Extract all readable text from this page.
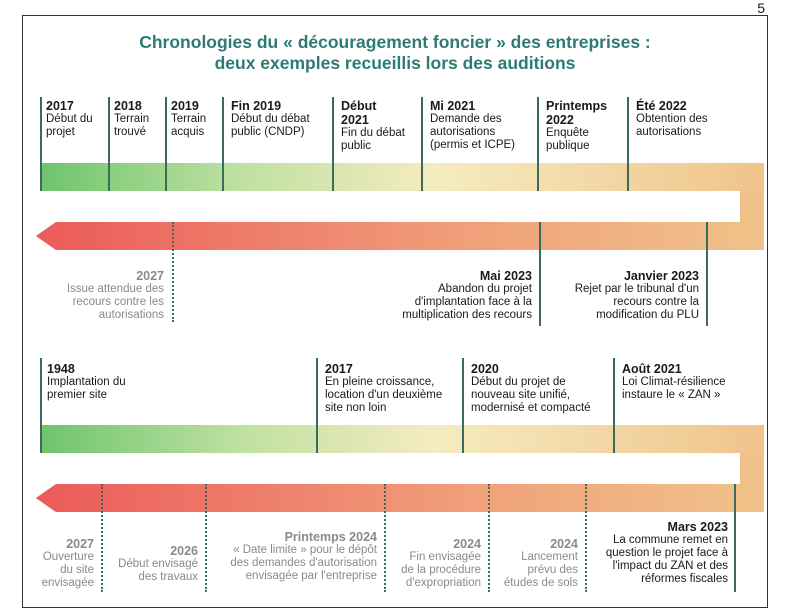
5
Chronologies du « découragement foncier » des entreprises :
deux exemples recueillis lors des auditions
2017
Début du projet
2018
Terrain trouvé
2019
Terrain acquis
Fin 2019
Début du débat public (CNDP)
Début 2021
Fin du débat public
Mi 2021
Demande des autorisations (permis et ICPE)
Printemps 2022
Enquête publique
Été 2022
Obtention des autorisations
2027
Issue attendue des recours contre les autorisations
Mai 2023
Abandon du projet d'implantation face à la multiplication des recours
Janvier 2023
Rejet par le tribunal d'un recours contre la modification du PLU
1948
Implantation du premier site
2017
En pleine croissance, location d'un deuxième site non loin
2020
Début du projet de nouveau site unifié, modernisé et compacté
Août 2021
Loi Climat-résilience instaure le « ZAN »
2027
Ouverture du site envisagée
2026
Début envisagé des travaux
Printemps 2024
« Date limite » pour le dépôt des demandes d'autorisation envisagée par l'entreprise
2024
Fin envisagée de la procédure d'expropriation
2024
Lancement prévu des études de sols
Mars 2023
La commune remet en question le projet face à l'impact du ZAN et des réformes fiscales
